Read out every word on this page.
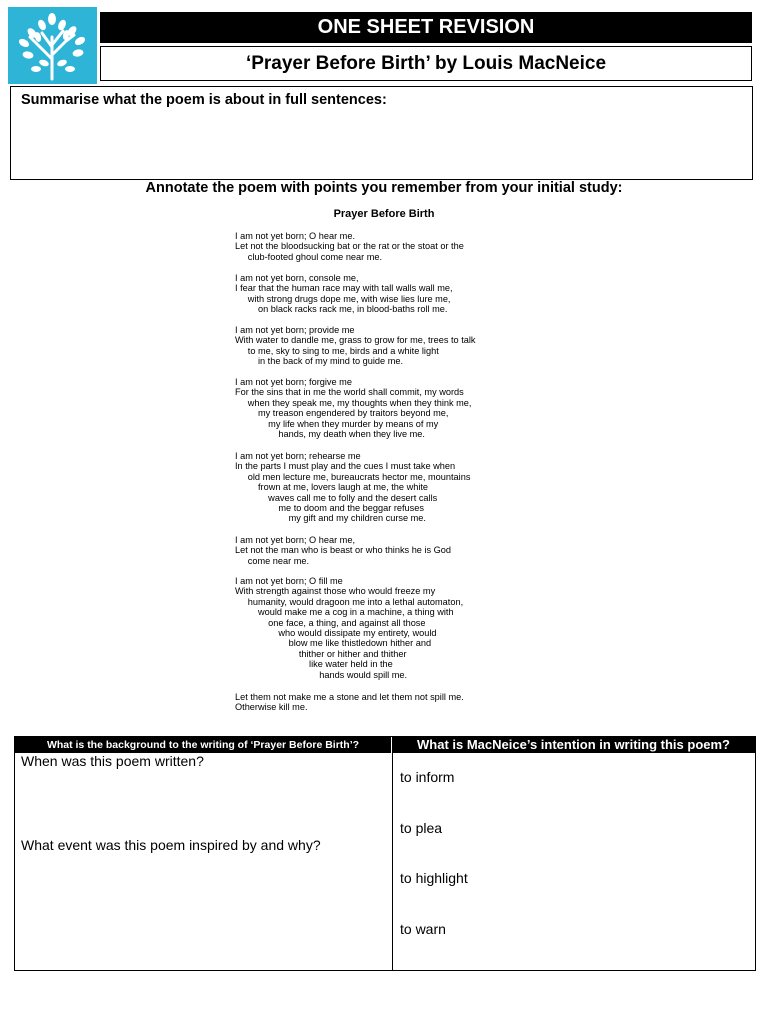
ONE SHEET REVISION
‘Prayer Before Birth’ by Louis MacNeice
Summarise what the poem is about in full sentences:
Annotate the poem with points you remember from your initial study:
Prayer Before Birth
I am not yet born; O hear me.
Let not the bloodsucking bat or the rat or the stoat or the
club-footed ghoul come near me.
I am not yet born, console me,
I fear that the human race may with tall walls wall me,
with strong drugs dope me, with wise lies lure me,
on black racks rack me, in blood-baths roll me.
I am not yet born; provide me
With water to dandle me, grass to grow for me, trees to talk
to me, sky to sing to me, birds and a white light
in the back of my mind to guide me.
I am not yet born; forgive me
For the sins that in me the world shall commit, my words
when they speak me, my thoughts when they think me,
my treason engendered by traitors beyond me,
my life when they murder by means of my
hands, my death when they live me.
I am not yet born; rehearse me
In the parts I must play and the cues I must take when
old men lecture me, bureaucrats hector me, mountains
frown at me, lovers laugh at me, the white
waves call me to folly and the desert calls
me to doom and the beggar refuses
my gift and my children curse me.
I am not yet born; O hear me,
Let not the man who is beast or who thinks he is God
come near me.
I am not yet born; O fill me
With strength against those who would freeze my
humanity, would dragoon me into a lethal automaton,
would make me a cog in a machine, a thing with
one face, a thing, and against all those
who would dissipate my entirety, would
blow me like thistledown hither and
thither or hither and thither
like water held in the
hands would spill me.
Let them not make me a stone and let them not spill me.
Otherwise kill me.
What is the background to the writing of ‘Prayer Before Birth’?	What is MacNeice’s intention in writing this poem?
When was this poem written?
What event was this poem inspired by and why?
to inform
to plea
to highlight
to warn
